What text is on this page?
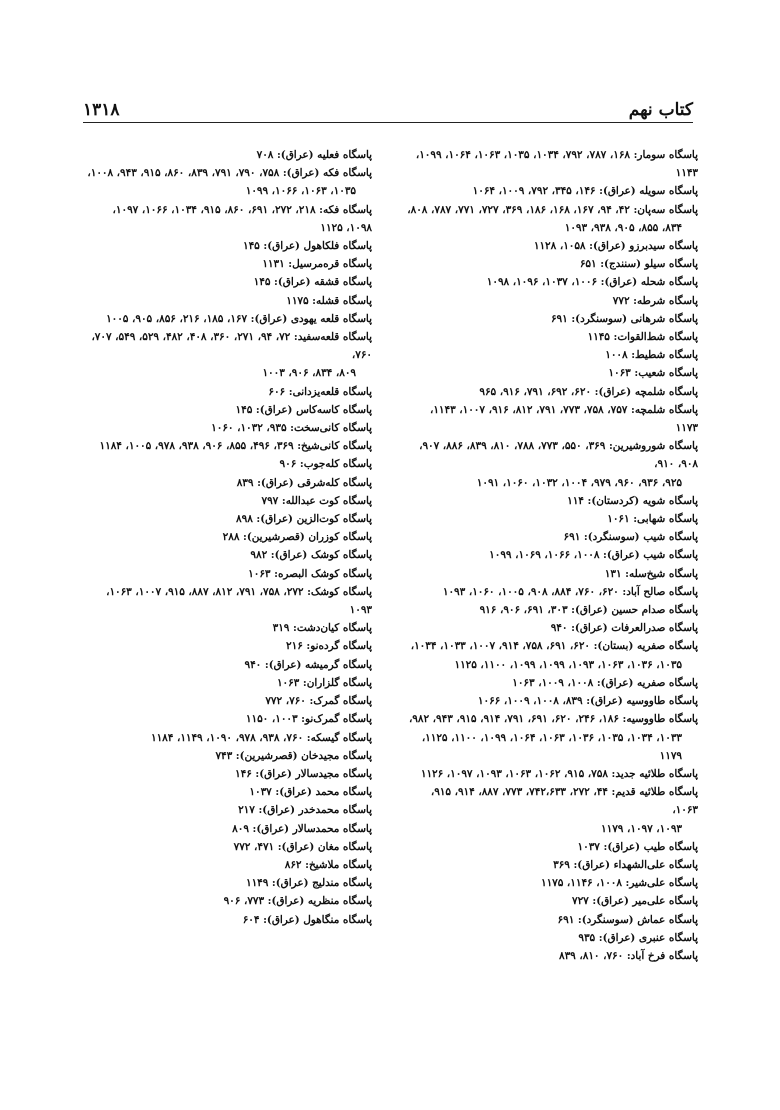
۱۳۱۸	کتاب نهم
پاسگاه سومار: ۱۶۸، ۷۸۷، ۷۹۲، ۱۰۳۴، ۱۰۳۵، ۱۰۶۳، ۱۰۶۴، ۱۰۹۹، ۱۱۴۳
پاسگاه سویله (عراق): ۱۴۶، ۳۴۵، ۷۹۲، ۱۰۰۹، ۱۰۶۴
پاسگاه سه‌پان: ۴۲، ۹۴، ۱۶۷، ۱۶۸، ۱۸۶، ۳۶۹، ۷۲۷، ۷۷۱، ۷۸۷، ۸۰۸،

۸۳۴، ۸۵۵، ۹۰۵، ۹۳۸، ۱۰۹۳
پاسگاه سیدبرزو (عراق): ۱۰۵۸، ۱۱۲۸
پاسگاه سیلو (سنندج): ۶۵۱
پاسگاه شحله (عراق): ۱۰۰۶، ۱۰۳۷، ۱۰۹۶، ۱۰۹۸
پاسگاه شرطه: ۷۷۲
پاسگاه شرهانی (سوسنگرد): ۶۹۱
پاسگاه شط‌القوات: ۱۱۴۵
پاسگاه شطیط: ۱۰۰۸
پاسگاه شعیب: ۱۰۶۳
پاسگاه شلمچه (عراق): ۶۲۰، ۶۹۲، ۷۹۱، ۹۱۶، ۹۶۵
پاسگاه شلمچه: ۷۵۷، ۷۵۸، ۷۷۳، ۷۹۱، ۸۱۲، ۹۱۶، ۱۰۰۷، ۱۱۴۳، ۱۱۷۳
پاسگاه شوروشیرین: ۳۶۹، ۵۵۰، ۷۷۳، ۷۸۸، ۸۱۰، ۸۳۹، ۸۸۶، ۹۰۷، ۹۰۸، ۹۱۰،

۹۲۵، ۹۳۶، ۹۶۰، ۹۷۹، ۱۰۰۴، ۱۰۳۲، ۱۰۶۰، ۱۰۹۱
پاسگاه شویه (کردستان): ۱۱۴
پاسگاه شهابی: ۱۰۶۱
پاسگاه شیب (سوسنگرد): ۶۹۱
پاسگاه شیب (عراق): ۱۰۰۸، ۱۰۶۶، ۱۰۶۹، ۱۰۹۹
پاسگاه شیخ‌سله: ۱۳۱
پاسگاه صالح آباد: ۶۲۰، ۷۶۰، ۸۸۴، ۹۰۸، ۱۰۰۵، ۱۰۶۰، ۱۰۹۳
پاسگاه صدام حسین (عراق): ۳۰۳، ۶۹۱، ۹۰۶، ۹۱۶
پاسگاه صدرالعرفات (عراق): ۹۴۰
پاسگاه صفریه (بستان): ۶۲۰، ۶۹۱، ۷۵۸، ۹۱۴، ۱۰۰۷، ۱۰۳۳، ۱۰۳۴،

۱۰۳۵، ۱۰۳۶، ۱۰۶۳، ۱۰۹۳، ۱۰۹۹، ۱۰۹۹، ۱۱۰۰، ۱۱۲۵
پاسگاه صفریه (عراق): ۱۰۰۸، ۱۰۰۹، ۱۰۶۳
پاسگاه طاووسیه (عراق): ۸۳۹، ۱۰۰۸، ۱۰۰۹، ۱۰۶۶
پاسگاه طاووسیه: ۱۸۶، ۲۴۶، ۶۲۰، ۶۹۱، ۷۹۱، ۹۱۴، ۹۱۵، ۹۴۳، ۹۸۲،

۱۰۳۳، ۱۰۳۴، ۱۰۳۵، ۱۰۳۶، ۱۰۶۳، ۱۰۶۴، ۱۰۹۹، ۱۱۰۰، ۱۱۲۵، ۱۱۷۹
پاسگاه طلائیه جدید: ۷۵۸، ۹۱۵، ۱۰۶۲، ۱۰۶۳، ۱۰۹۳، ۱۰۹۷، ۱۱۲۶
پاسگاه طلائیه قدیم: ۴۴، ۲۷۲، ۷۴۲،۶۳۳، ۷۷۳، ۸۸۷، ۹۱۴، ۹۱۵، ۱۰۶۳،

۱۰۹۳، ۱۰۹۷، ۱۱۷۹
پاسگاه طیب (عراق): ۱۰۳۷
پاسگاه علی‌الشهداء (عراق): ۳۶۹
پاسگاه علی‌شیر: ۱۰۰۸، ۱۱۴۶، ۱۱۷۵
پاسگاه علی‌میر (عراق): ۷۲۷
پاسگاه عماش (سوسنگرد): ۶۹۱
پاسگاه عنبری (عراق): ۹۳۵
پاسگاه فرخ آباد: ۷۶۰، ۸۱۰، ۸۳۹
پاسگاه فعلیه (عراق): ۷۰۸
پاسگاه فکه (عراق): ۷۵۸، ۷۹۰، ۷۹۱، ۸۳۹، ۸۶۰، ۹۱۵، ۹۴۳، ۱۰۰۸،

۱۰۳۵، ۱۰۶۳، ۱۰۶۶، ۱۰۹۹
پاسگاه فکه: ۲۱۸، ۲۷۲، ۶۹۱، ۸۶۰، ۹۱۵، ۱۰۳۴، ۱۰۶۶، ۱۰۹۷، ۱۰۹۸، ۱۱۲۵
پاسگاه فلکاهول (عراق): ۱۴۵
پاسگاه قره‌مرسیل: ۱۱۳۱
پاسگاه قشقه (عراق): ۱۴۵
پاسگاه قشله: ۱۱۷۵
پاسگاه قلعه یهودی (عراق): ۱۶۷، ۱۸۵، ۲۱۶، ۸۵۶، ۹۰۵، ۱۰۰۵
پاسگاه قلعه‌سفید: ۷۲، ۹۴، ۲۷۱، ۳۶۰، ۴۰۸، ۴۸۲، ۵۲۹، ۵۴۹، ۷۰۷، ۷۶۰،

۸۰۹، ۸۳۴، ۹۰۶، ۱۰۰۳
پاسگاه قلعه‌یزدانی: ۶۰۶
پاسگاه کاسه‌کاس (عراق): ۱۴۵
پاسگاه کانی‌سخت: ۹۳۵، ۱۰۳۲، ۱۰۶۰
پاسگاه کانی‌شیخ: ۳۶۹، ۴۹۶، ۸۵۵، ۹۰۶، ۹۳۸، ۹۷۸، ۱۰۰۵، ۱۱۸۴
پاسگاه کله‌جوب: ۹۰۶
پاسگاه کله‌شرقی (عراق): ۸۳۹
پاسگاه کوت عبدالله: ۷۹۷
پاسگاه کوت‌الزین (عراق): ۸۹۸
پاسگاه کوزران (قصرشیرین): ۲۸۸
پاسگاه کوشک (عراق): ۹۸۲
پاسگاه کوشک البصره: ۱۰۶۳
پاسگاه کوشک: ۲۷۲، ۷۵۸، ۷۹۱، ۸۱۲، ۸۸۷، ۹۱۵، ۱۰۰۷، ۱۰۶۳، ۱۰۹۳
پاسگاه کیان‌دشت: ۳۱۹
پاسگاه گرده‌نو: ۲۱۶
پاسگاه گرمیشه (عراق): ۹۴۰
پاسگاه گلزاران: ۱۰۶۳
پاسگاه گمرک: ۷۶۰، ۷۷۲
پاسگاه گمرک‌نو: ۱۰۰۳، ۱۱۵۰
پاسگاه گیسکه: ۷۶۰، ۹۳۸، ۹۷۸، ۱۰۹۰، ۱۱۴۹، ۱۱۸۴
پاسگاه مجیدخان (قصرشیرین): ۷۴۳
پاسگاه مجیدسالار (عراق): ۱۴۶
پاسگاه محمد (عراق): ۱۰۳۷
پاسگاه محمدخدر (عراق): ۲۱۷
پاسگاه محمدسالار (عراق): ۸۰۹
پاسگاه مغان (عراق): ۴۷۱، ۷۷۲
پاسگاه ملاشیخ: ۸۶۲
پاسگاه مندلیج (عراق): ۱۱۴۹
پاسگاه منظریه (عراق): ۷۷۳، ۹۰۶
پاسگاه منگاهول (عراق): ۶۰۴
